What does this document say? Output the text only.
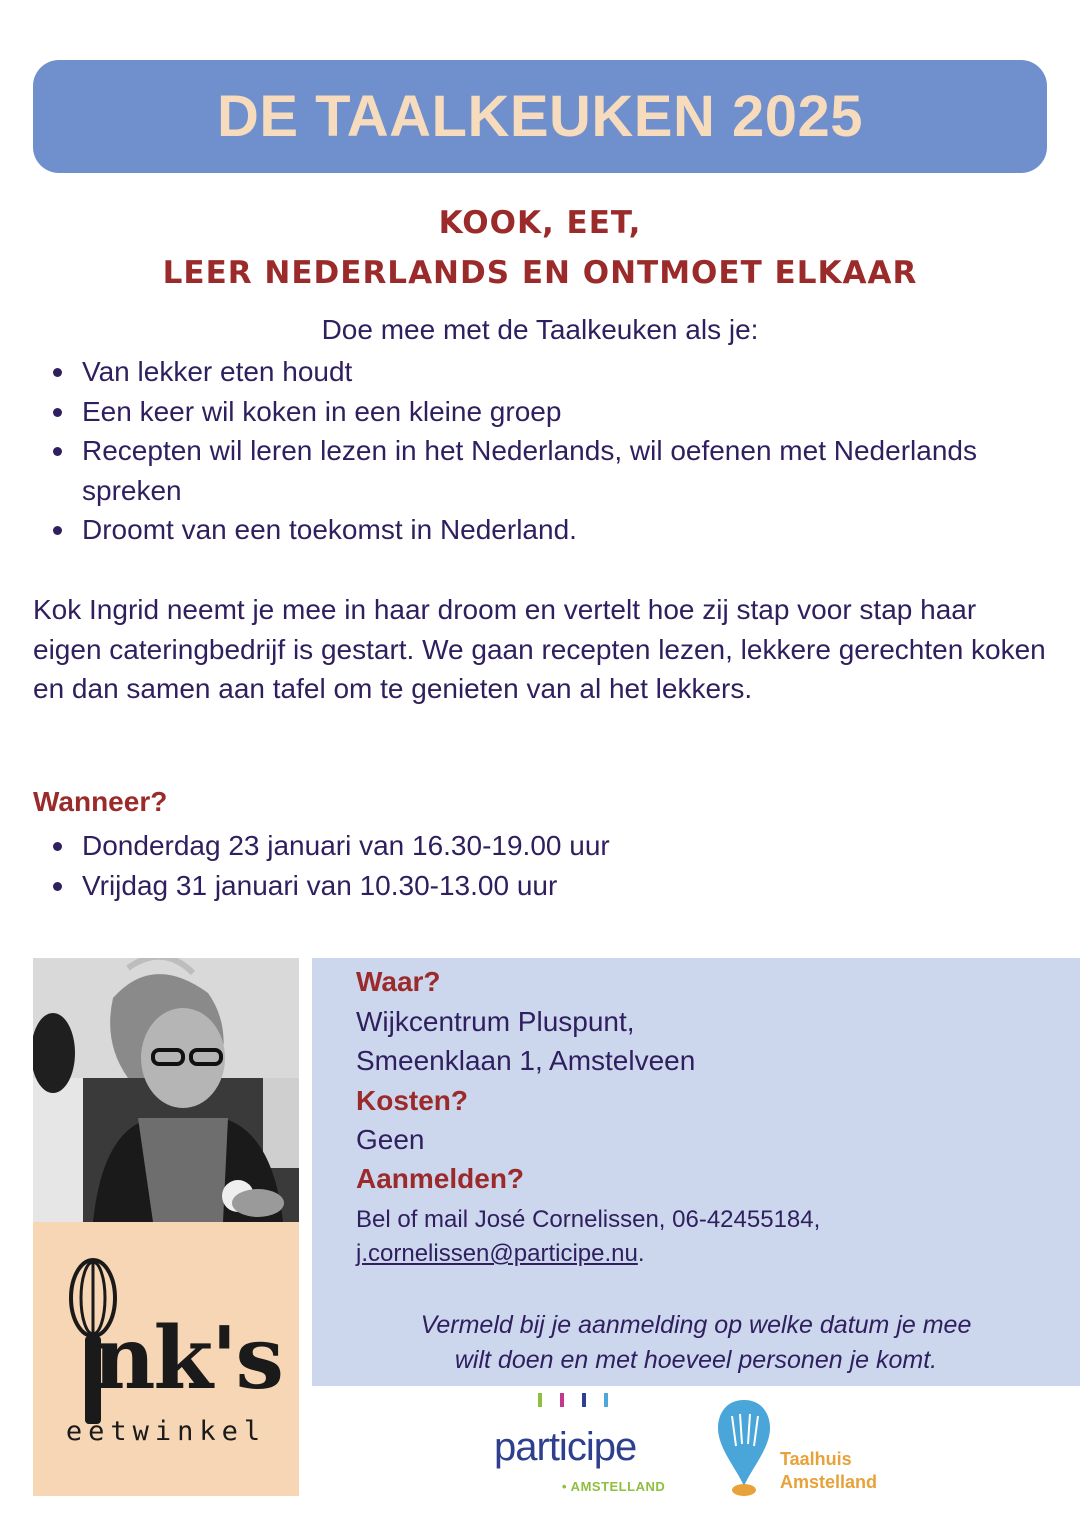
DE TAALKEUKEN 2025
KOOK, EET,
LEER NEDERLANDS EN ONTMOET ELKAAR
Doe mee met de Taalkeuken als je:
Van lekker eten houdt
Een keer wil koken in een kleine groep
Recepten wil leren lezen in het Nederlands, wil oefenen met Nederlands spreken
Droomt van een toekomst in Nederland.

Kok Ingrid neemt je mee in haar droom en vertelt hoe zij stap voor stap haar eigen cateringbedrijf is gestart. We gaan recepten lezen, lekkere gerechten koken en dan samen aan tafel om te genieten van al het lekkers.

Wanneer?
Donderdag 23 januari van 16.30-19.00 uur
Vrijdag 31 januari van 10.30-13.00 uur
nk's
eetwinkel
Waar?
Wijkcentrum Pluspunt,
Smeenklaan 1, Amstelveen
Kosten?
Geen
Aanmelden?
Bel of mail José Cornelissen, 06-42455184,
j.cornelissen@participe.nu.
Vermeld bij je aanmelding op welke datum je mee
wilt doen en met hoeveel personen je komt.
participe
• AMSTELLAND
Taalhuis
Amstelland
